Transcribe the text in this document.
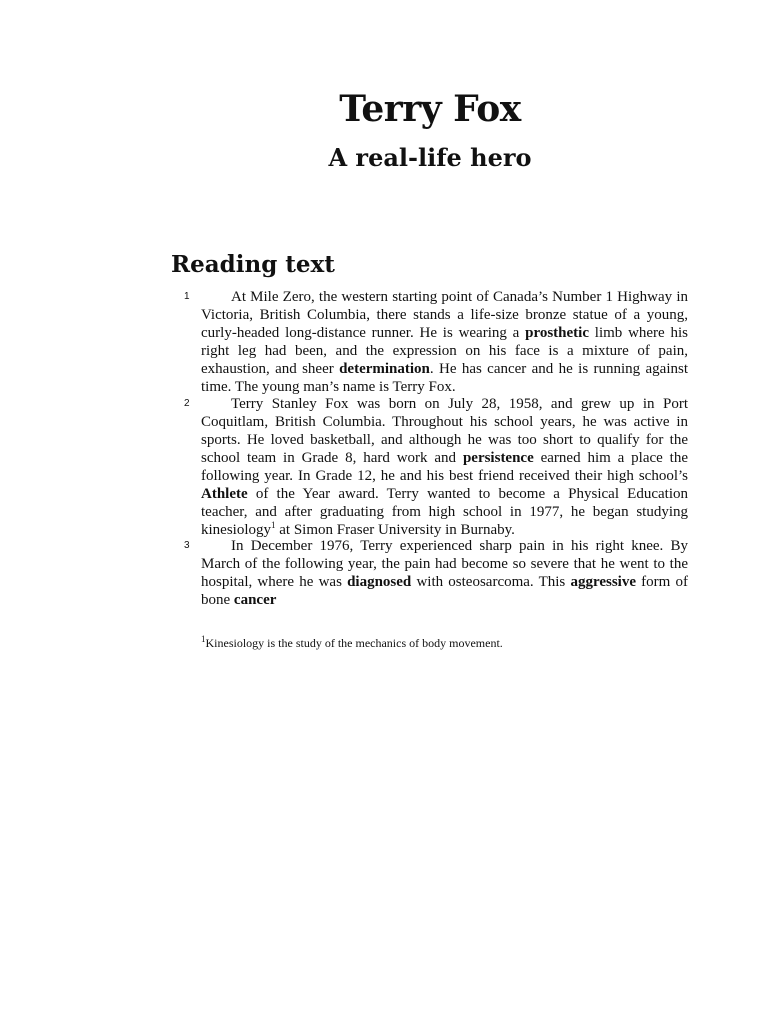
Terry Fox
A real-life hero
Reading text
1	At Mile Zero, the western starting point of Canada’s Number 1 Highway in Victoria, British Columbia, there stands a life-size bronze statue of a young, curly-headed long-distance runner. He is wearing a prosthetic limb where his right leg had been, and the expression on his face is a mixture of pain, exhaustion, and sheer determination. He has cancer and he is running against time. The young man’s name is Terry Fox.
2	Terry Stanley Fox was born on July 28, 1958, and grew up in Port Coquitlam, British Columbia. Throughout his school years, he was active in sports. He loved basketball, and although he was too short to qualify for the school team in Grade 8, hard work and persistence earned him a place the following year. In Grade 12, he and his best friend received their high school’s Athlete of the Year award. Terry wanted to become a Physical Education teacher, and after graduating from high school in 1977, he began studying kinesiology$^1$ at Simon Fraser University in Burnaby.
3	In December 1976, Terry experienced sharp pain in his right knee. By March of the following year, the pain had become so severe that he went to the hospital, where he was diagnosed with osteosarcoma. This aggressive form of bone cancer

$^1$Kinesiology is the study of the mechanics of body movement.
